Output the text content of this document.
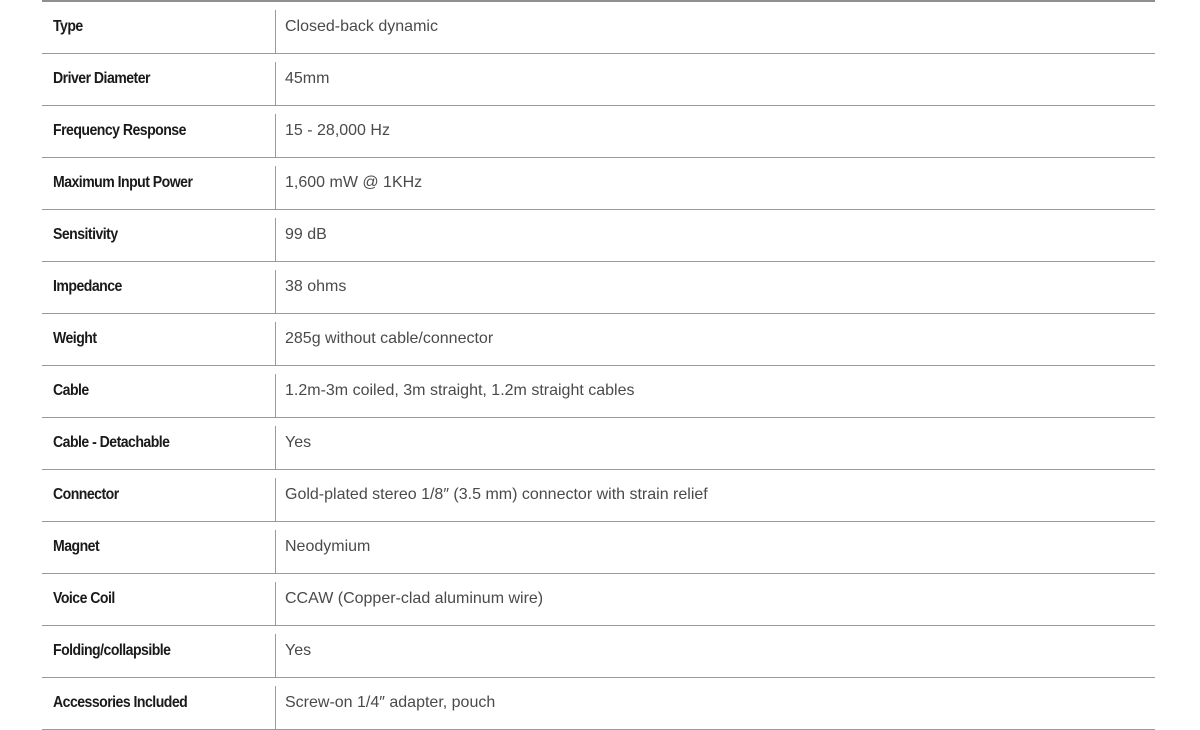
Type	Closed-back dynamic
Driver Diameter	45mm
Frequency Response	15 - 28,000 Hz
Maximum Input Power	1,600 mW @ 1KHz
Sensitivity	99 dB
Impedance	38 ohms
Weight	285g without cable/connector
Cable	1.2m-3m coiled, 3m straight, 1.2m straight cables
Cable - Detachable	Yes
Connector	Gold-plated stereo 1/8″ (3.5 mm) connector with strain relief
Magnet	Neodymium
Voice Coil	CCAW (Copper-clad aluminum wire)
Folding/collapsible	Yes
Accessories Included	Screw-on 1/4″ adapter, pouch
